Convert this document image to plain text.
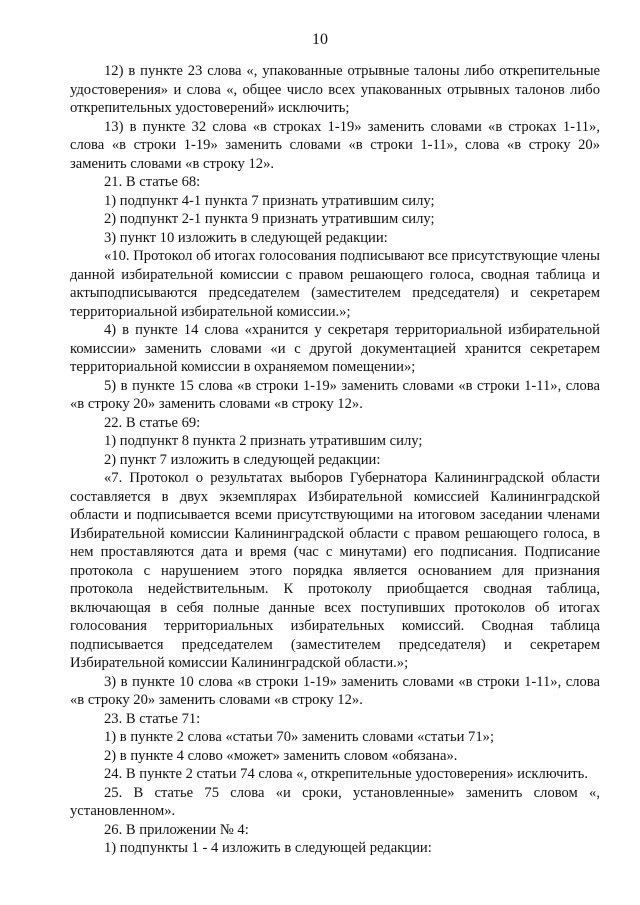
10

12) в пункте 23 слова «, упакованные отрывные талоны либо открепительные удостоверения» и слова «, общее число всех упакованных отрывных талонов либо открепительных удостоверений» исключить;

13) в пункте 32 слова «в строках 1-19» заменить словами «в строках 1-11», слова «в строки 1-19» заменить словами «в строки 1-11», слова «в строку 20» заменить словами «в строку 12».

21. В статье 68:

1) подпункт 4-1 пункта 7 признать утратившим силу;

2) подпункт 2-1 пункта 9 признать утратившим силу;

3) пункт 10 изложить в следующей редакции:

«10. Протокол об итогах голосования подписывают все присутствующие члены данной избирательной комиссии с правом решающего голоса, сводная таблица и актыподписываются председателем (заместителем председателя) и секретарем территориальной избирательной комиссии.»;

4) в пункте 14 слова «хранится у секретаря территориальной избирательной комиссии» заменить словами «и с другой документацией хранится секретарем территориальной комиссии в охраняемом помещении»;

5) в пункте 15 слова «в строки 1-19» заменить словами «в строки 1-11», слова «в строку 20» заменить словами «в строку 12».

22. В статье 69:

1) подпункт 8 пункта 2 признать утратившим силу;

2) пункт 7 изложить в следующей редакции:

«7. Протокол о результатах выборов Губернатора Калининградской области составляется в двух экземплярах Избирательной комиссией Калининградской области и подписывается всеми присутствующими на итоговом заседании членами Избирательной комиссии Калининградской области с правом решающего голоса, в нем проставляются дата и время (час с минутами) его подписания. Подписание протокола с нарушением этого порядка является основанием для признания протокола недействительным. К протоколу приобщается сводная таблица, включающая в себя полные данные всех поступивших протоколов об итогах голосования территориальных избирательных комиссий. Сводная таблица подписывается председателем (заместителем председателя) и секретарем Избирательной комиссии Калининградской области.»;

3) в пункте 10 слова «в строки 1-19» заменить словами «в строки 1-11», слова «в строку 20» заменить словами «в строку 12».

23. В статье 71:

1) в пункте 2 слова «статьи 70» заменить словами «статьи 71»;

2) в пункте 4 слово «может» заменить словом «обязана».

24. В пункте 2 статьи 74 слова «, открепительные удостоверения» исключить.

25. В статье 75 слова «и сроки, установленные» заменить словом «, установленном».

26. В приложении № 4:

1) подпункты 1 - 4 изложить в следующей редакции:
